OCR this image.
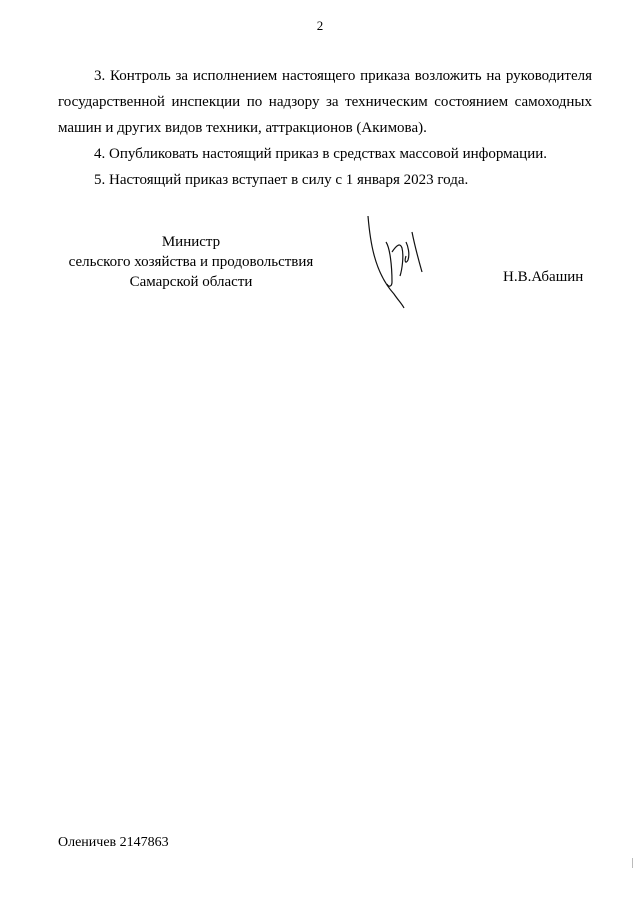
2

3. Контроль за исполнением настоящего приказа возложить на руководителя государственной инспекции по надзору за техническим состоянием самоходных машин и других видов техники, аттракционов (Акимова).

4. Опубликовать настоящий приказ в средствах массовой информации.

5. Настоящий приказ вступает в силу с 1 января 2023 года.

Министр
сельского хозяйства и продовольствия
Самарской области	Н.В.Абашин
Оленичев 2147863
